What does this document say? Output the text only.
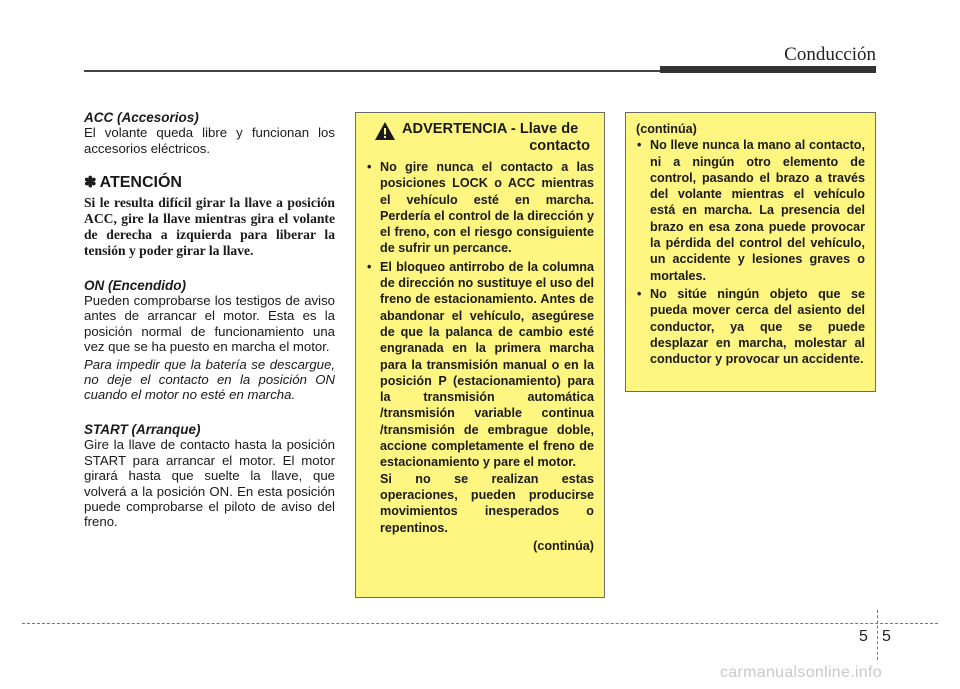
Conducción

ACC (Accesorios)

El volante queda libre y funcionan los accesorios eléctricos.

✽ ATENCIÓN

Si le resulta difícil girar la llave a posición ACC, gire la llave mientras gira el volante de derecha a izquierda para liberar la tensión y poder girar la llave.

ON (Encendido)

Pueden comprobarse los testigos de aviso antes de arrancar el motor. Esta es la posición normal de funcionamiento una vez que se ha puesto en marcha el motor.

Para impedir que la batería se descargue, no deje el contacto en la posición ON cuando el motor no esté en marcha.

START (Arranque)

Gire la llave de contacto hasta la posición START para arrancar el motor. El motor girará hasta que suelte la llave, que volverá a la posición ON. En esta posición puede comprobarse el piloto de aviso del freno.

ADVERTENCIA - Llave de
contacto
• No gire nunca el contacto a las posiciones LOCK o ACC mientras el vehículo esté en marcha. Perdería el control de la dirección y el freno, con el riesgo consiguiente de sufrir un percance.
• El bloqueo antirrobo de la columna de dirección no sustituye el uso del freno de estacionamiento. Antes de abandonar el vehículo, asegúrese de que la palanca de cambio esté engranada en la primera marcha para la transmisión manual o en la posición P (estacionamiento) para la transmisión automática /transmisión variable continua /transmisión de embrague doble, accione completamente el freno de estacionamiento y pare el motor.

Si no se realizan estas operaciones, pueden producirse movimientos inesperados o repentinos.

(continúa)
(continúa)
• No lleve nunca la mano al contacto, ni a ningún otro elemento de control, pasando el brazo a través del volante mientras el vehículo está en marcha. La presencia del brazo en esa zona puede provocar la pérdida del control del vehículo, un accidente y lesiones graves o mortales.
• No sitúe ningún objeto que se pueda mover cerca del asiento del conductor, ya que se puede desplazar en marcha, molestar al conductor y provocar un accidente.
5 5
carmanualsonline.info
